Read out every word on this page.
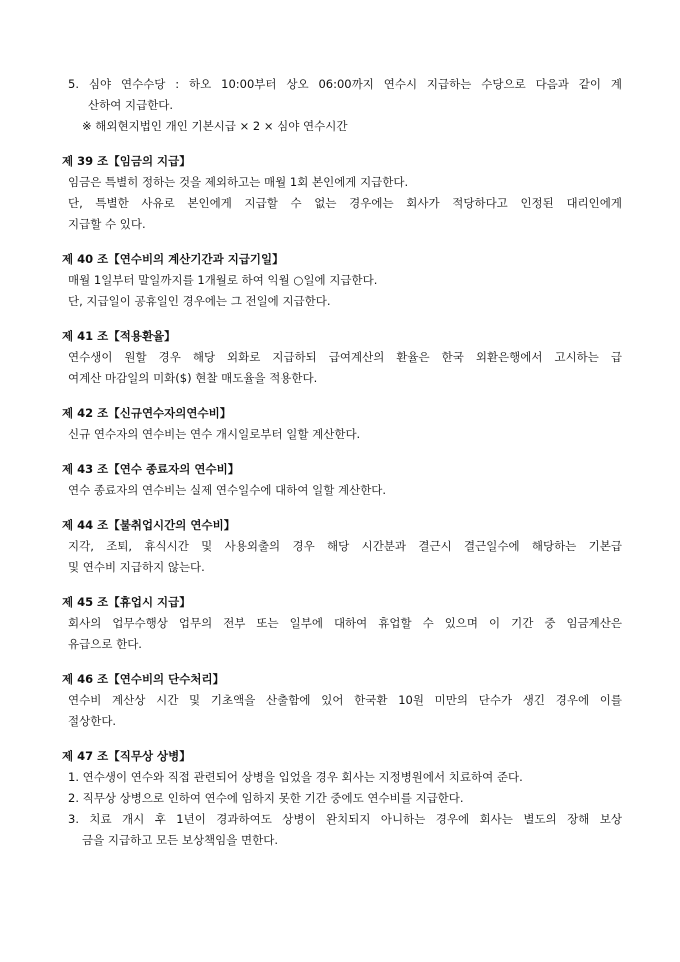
5. 심야 연수수당 : 하오 10:00부터 상오 06:00까지 연수시 지급하는 수당으로 다음과 같이 계
산하여 지급한다.
※ 해외현지법인 개인 기본시급 × 2 × 심야 연수시간
제 39 조【임금의 지급】
임금은 특별히 정하는 것을 제외하고는 매월 1회 본인에게 지급한다.
단, 특별한 사유로 본인에게 지급할 수 없는 경우에는 회사가 적당하다고 인정된 대리인에게
지급할 수 있다.
제 40 조【연수비의 계산기간과 지급기일】
매월 1일부터 말일까지를 1개월로 하여 익월 ○일에 지급한다.
단, 지급일이 공휴일인 경우에는 그 전일에 지급한다.
제 41 조【적용환율】
연수생이 원할 경우 해당 외화로 지급하되 급여계산의 환율은 한국 외환은행에서 고시하는 급
여계산 마감일의 미화($) 현찰 매도율을 적용한다.
제 42 조【신규연수자의연수비】
신규 연수자의 연수비는 연수 개시일로부터 일할 계산한다.
제 43 조【연수 종료자의 연수비】
연수 종료자의 연수비는 실제 연수일수에 대하여 일할 계산한다.
제 44 조【불취업시간의 연수비】
지각, 조퇴, 휴식시간 및 사용외출의 경우 해당 시간분과 결근시 결근일수에 해당하는 기본급
및 연수비 지급하지 않는다.
제 45 조【휴업시 지급】
회사의 업무수행상 업무의 전부 또는 일부에 대하여 휴업할 수 있으며 이 기간 중 임금계산은
유급으로 한다.
제 46 조【연수비의 단수처리】
연수비 계산상 시간 및 기초액을 산출함에 있어 한국환 10원 미만의 단수가 생긴 경우에 이를
절상한다.
제 47 조【직무상 상병】
1. 연수생이 연수와 직접 관련되어 상병을 입었을 경우 회사는 지정병원에서 치료하여 준다.
2. 직무상 상병으로 인하여 연수에 임하지 못한 기간 중에도 연수비를 지급한다.
3. 치료 개시 후 1년이 경과하여도 상병이 완치되지 아니하는 경우에 회사는 별도의 장해 보상
금을 지급하고 모든 보상책임을 면한다.
